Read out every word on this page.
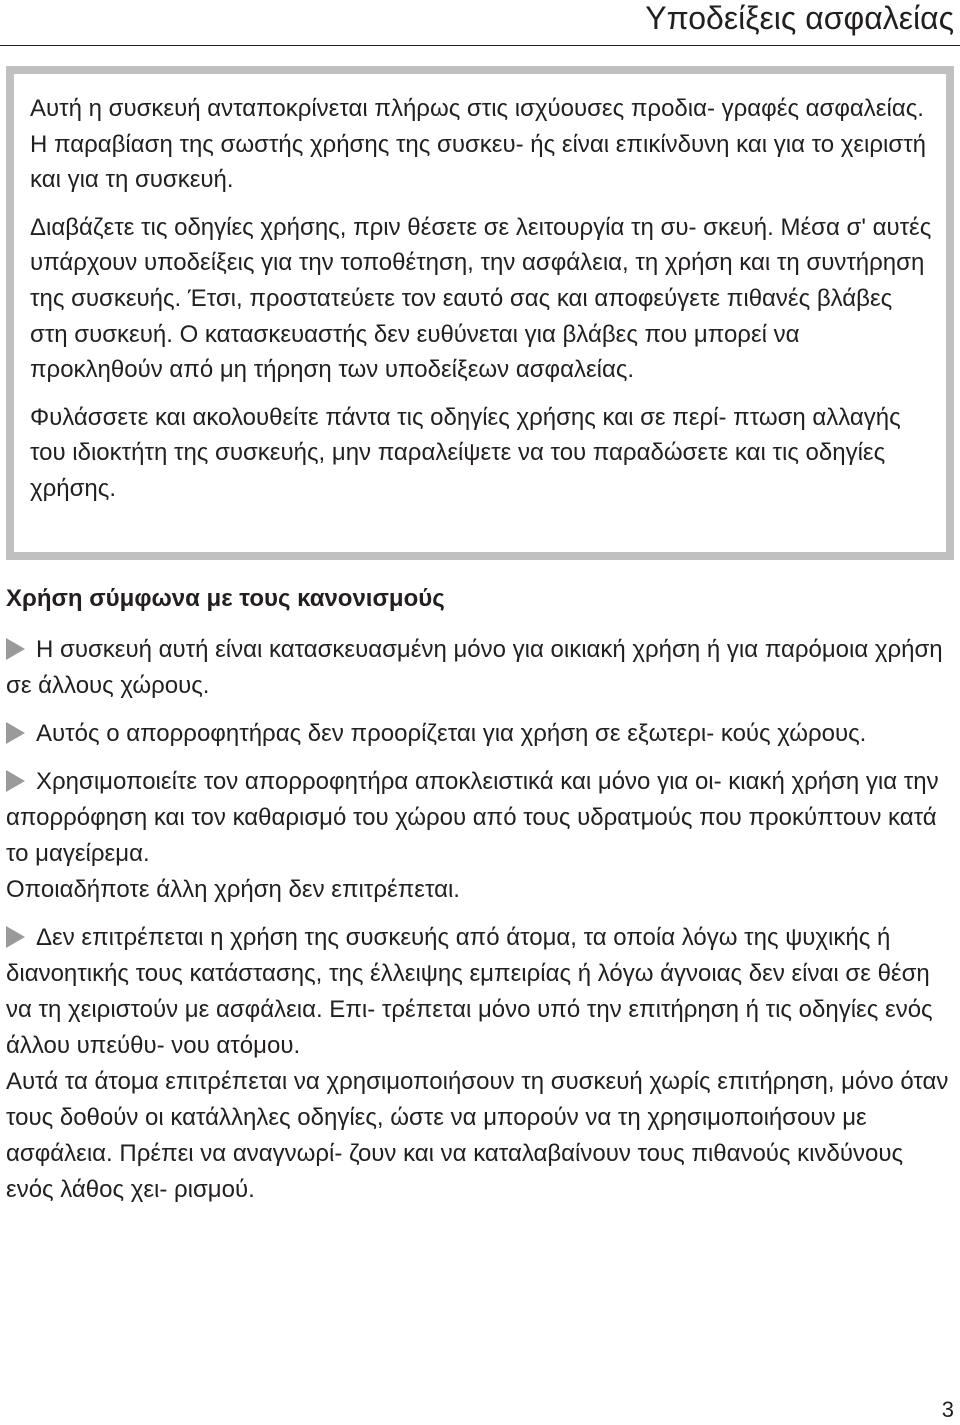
Υποδείξεις ασφαλείας

Αυτή η συσκευή ανταποκρίνεται πλήρως στις ισχύουσες προδια- γραφές ασφαλείας. Η παραβίαση της σωστής χρήσης της συσκευ- ής είναι επικίνδυνη και για το χειριστή και για τη συσκευή.

Διαβάζετε τις οδηγίες χρήσης, πριν θέσετε σε λειτουργία τη συ- σκευή. Μέσα σ' αυτές υπάρχουν υποδείξεις για την τοποθέτηση, την ασφάλεια, τη χρήση και τη συντήρηση της συσκευής. Έτσι, προστατεύετε τον εαυτό σας και αποφεύγετε πιθανές βλάβες στη συσκευή. Ο κατασκευαστής δεν ευθύνεται για βλάβες που μπορεί να προκληθούν από μη τήρηση των υποδείξεων ασφαλείας.

Φυλάσσετε και ακολουθείτε πάντα τις οδηγίες χρήσης και σε περί- πτωση αλλαγής του ιδιοκτήτη της συσκευής, μην παραλείψετε να του παραδώσετε και τις οδηγίες χρήσης.

Χρήση σύμφωνα με τους κανονισμούς

Η συσκευή αυτή είναι κατασκευασμένη μόνο για οικιακή χρήση ή για παρόμοια χρήση σε άλλους χώρους.

Αυτός ο απορροφητήρας δεν προορίζεται για χρήση σε εξωτερι- κούς χώρους.

Χρησιμοποιείτε τον απορροφητήρα αποκλειστικά και μόνο για οι- κιακή χρήση για την απορρόφηση και τον καθαρισμό του χώρου από τους υδρατμούς που προκύπτουν κατά το μαγείρεμα.

Οποιαδήποτε άλλη χρήση δεν επιτρέπεται.

Δεν επιτρέπεται η χρήση της συσκευής από άτομα, τα οποία λόγω της ψυχικής ή διανοητικής τους κατάστασης, της έλλειψης εμπειρίας ή λόγω άγνοιας δεν είναι σε θέση να τη χειριστούν με ασφάλεια. Επι- τρέπεται μόνο υπό την επιτήρηση ή τις οδηγίες ενός άλλου υπεύθυ- νου ατόμου.

Αυτά τα άτομα επιτρέπεται να χρησιμοποιήσουν τη συσκευή χωρίς επιτήρηση, μόνο όταν τους δοθούν οι κατάλληλες οδηγίες, ώστε να μπορούν να τη χρησιμοποιήσουν με ασφάλεια. Πρέπει να αναγνωρί- ζουν και να καταλαβαίνουν τους πιθανούς κινδύνους ενός λάθος χει- ρισμού.

3
